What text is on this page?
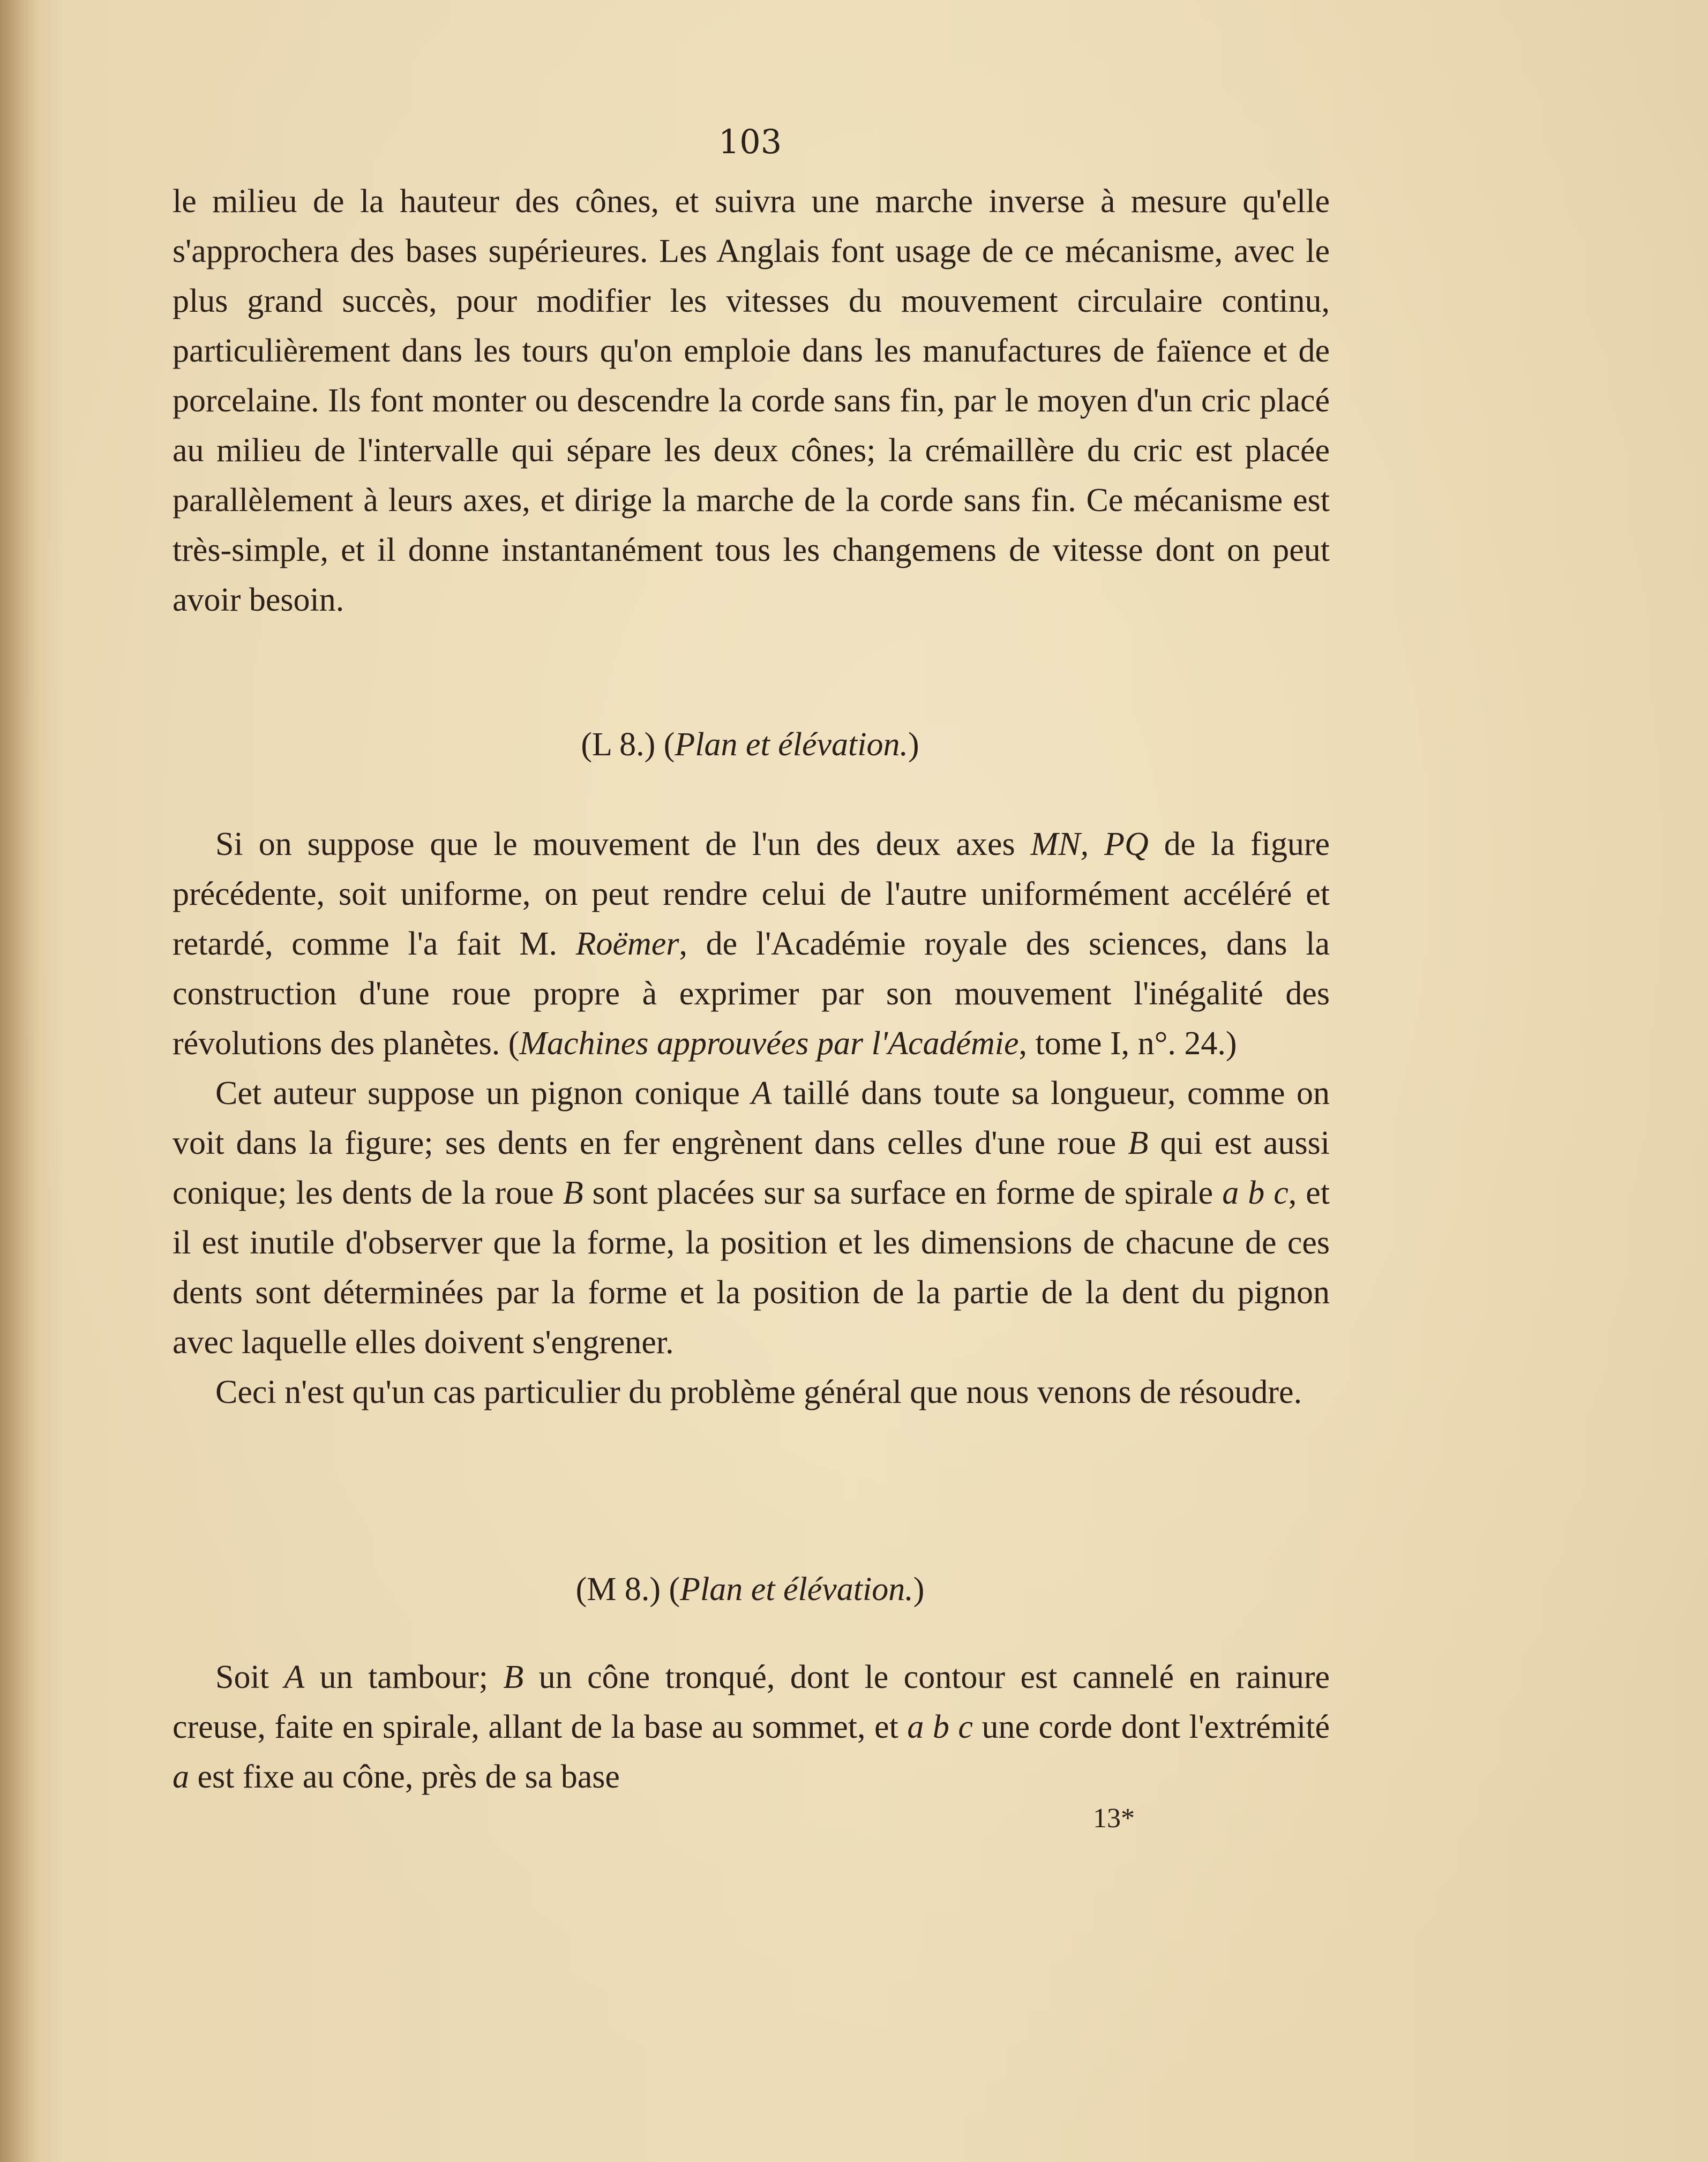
103

le milieu de la hauteur des cônes, et suivra une marche inverse à mesure qu'elle s'approchera des bases supérieures. Les Anglais font usage de ce mécanisme, avec le plus grand succès, pour modifier les vitesses du mouvement circulaire continu, particulièrement dans les tours qu'on emploie dans les manufactures de faïence et de porcelaine. Ils font monter ou descendre la corde sans fin, par le moyen d'un cric placé au milieu de l'intervalle qui sépare les deux cônes; la crémaillère du cric est placée parallèlement à leurs axes, et dirige la marche de la corde sans fin. Ce mécanisme est très-simple, et il donne instantanément tous les changemens de vitesse dont on peut avoir besoin.

(L 8.) (Plan et élévation.)

Si on suppose que le mouvement de l'un des deux axes MN, PQ de la figure précédente, soit uniforme, on peut rendre celui de l'autre uniformément accéléré et retardé, comme l'a fait M. Roëmer, de l'Académie royale des sciences, dans la construction d'une roue propre à exprimer par son mouvement l'inégalité des révolutions des planètes. (Machines approuvées par l'Académie, tome I, n°. 24.)

Cet auteur suppose un pignon conique A taillé dans toute sa longueur, comme on voit dans la figure; ses dents en fer engrènent dans celles d'une roue B qui est aussi conique; les dents de la roue B sont placées sur sa surface en forme de spirale a b c, et il est inutile d'observer que la forme, la position et les dimensions de chacune de ces dents sont déterminées par la forme et la position de la partie de la dent du pignon avec laquelle elles doivent s'engrener.

Ceci n'est qu'un cas particulier du problème général que nous venons de résoudre.

(M 8.) (Plan et élévation.)

Soit A un tambour; B un cône tronqué, dont le contour est cannelé en rainure creuse, faite en spirale, allant de la base au sommet, et a b c une corde dont l'extrémité a est fixe au cône, près de sa base

13*
